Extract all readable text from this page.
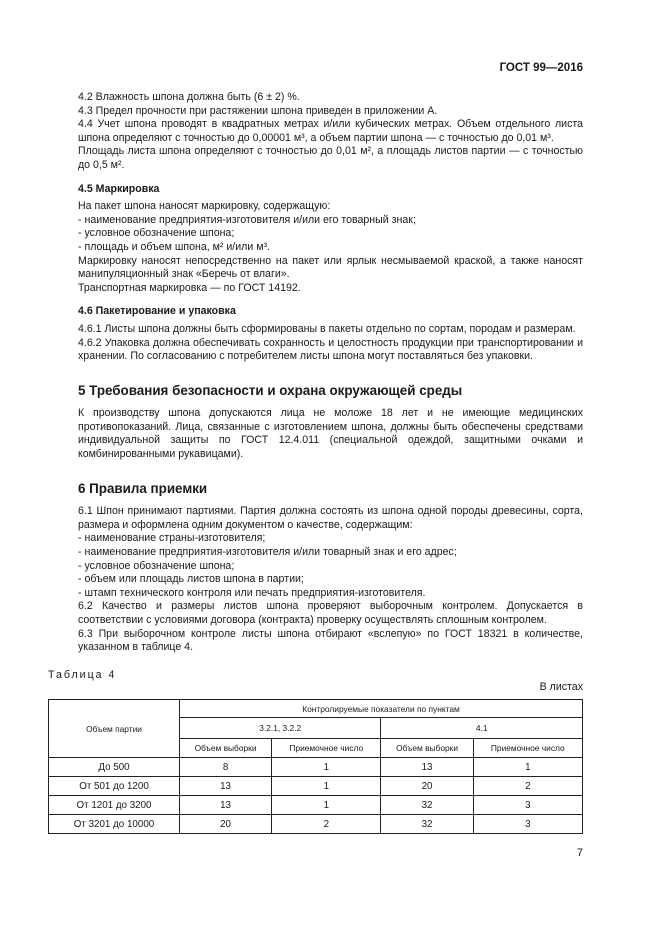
ГОСТ 99—2016

4.2 Влажность шпона должна быть (6 ± 2) %.

4.3 Предел прочности при растяжении шпона приведен в приложении А.

4.4 Учет шпона проводят в квадратных метрах и/или кубических метрах. Объем отдельного листа шпона определяют с точностью до 0,00001 м³, а объем партии шпона — с точностью до 0,01 м³.

Площадь листа шпона определяют с точностью до 0,01 м², а площадь листов партии — с точностью до 0,5 м².

4.5 Маркировка

На пакет шпона наносят маркировку, содержащую:

- наименование предприятия-изготовителя и/или его товарный знак;

- условное обозначение шпона;

- площадь и объем шпона, м² и/или м³.

Маркировку наносят непосредственно на пакет или ярлык несмываемой краской, а также наносят манипуляционный знак «Беречь от влаги».

Транспортная маркировка — по ГОСТ 14192.

4.6 Пакетирование и упаковка

4.6.1 Листы шпона должны быть сформированы в пакеты отдельно по сортам, породам и размерам.

4.6.2 Упаковка должна обеспечивать сохранность и целостность продукции при транспортировании и хранении. По согласованию с потребителем листы шпона могут поставляться без упаковки.

5 Требования безопасности и охрана окружающей среды

К производству шпона допускаются лица не моложе 18 лет и не имеющие медицинских противопоказаний. Лица, связанные с изготовлением шпона, должны быть обеспечены средствами индивидуальной защиты по ГОСТ 12.4.011 (специальной одеждой, защитными очками и комбинированными рукавицами).

6 Правила приемки

6.1 Шпон принимают партиями. Партия должна состоять из шпона одной породы древесины, сорта, размера и оформлена одним документом о качестве, содержащим:

- наименование страны-изготовителя;

- наименование предприятия-изготовителя и/или товарный знак и его адрес;

- условное обозначение шпона;

- объем или площадь листов шпона в партии;

- штамп технического контроля или печать предприятия-изготовителя.

6.2 Качество и размеры листов шпона проверяют выборочным контролем. Допускается в соответствии с условиями договора (контракта) проверку осуществлять сплошным контролем.

6.3 При выборочном контроле листы шпона отбирают «вслепую» по ГОСТ 18321 в количестве, указанном в таблице 4.

Таблица 4
В листах
Объем партии	Контролируемые показатели по пунктам			
	3.2.1, 3.2.2		4.1	
	Объем выборки	Приемочное число	Объем выборки	Приемочное число
До 500	8	1	13	1
От 501 до 1200	13	1	20	2
От 1201 до 3200	13	1	32	3
От 3201 до 10000	20	2	32	3
7
